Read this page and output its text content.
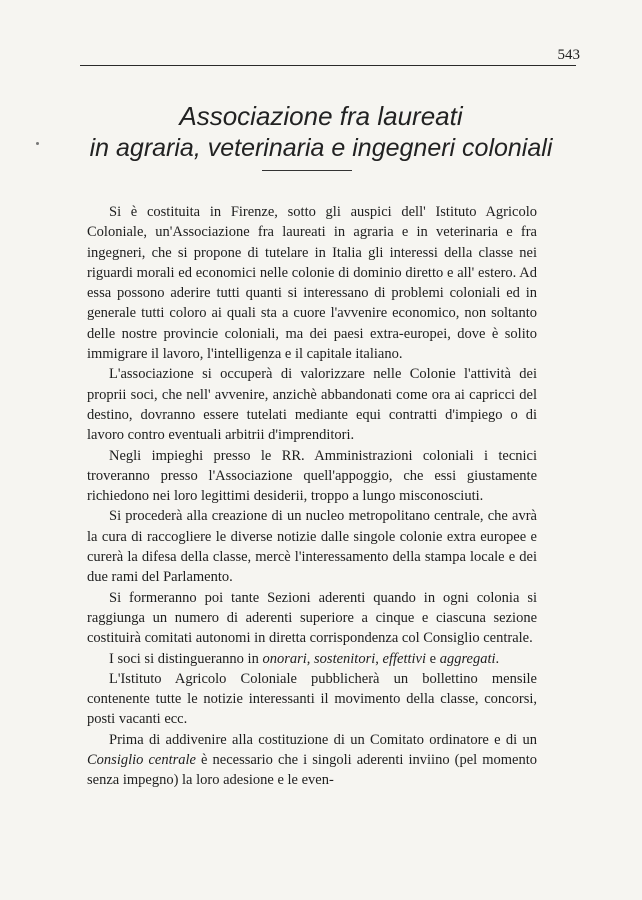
543
Associazione fra laureati
in agraria, veterinaria e ingegneri coloniali

Si è costituita in Firenze, sotto gli auspici dell' Istituto Agricolo Coloniale, un'Associazione fra laureati in agraria e in veterinaria e fra ingegneri, che si propone di tutelare in Italia gli interessi della classe nei riguardi morali ed economici nelle colonie di dominio diretto e all' estero. Ad essa possono aderire tutti quanti si interessano di problemi coloniali ed in generale tutti coloro ai quali sta a cuore l'avvenire economico, non soltanto delle nostre provincie coloniali, ma dei paesi extra-europei, dove è solito immigrare il lavoro, l'intelligenza e il capitale italiano.

L'associazione si occuperà di valorizzare nelle Colonie l'attività dei proprii soci, che nell' avvenire, anzichè abbandonati come ora ai capricci del destino, dovranno essere tutelati mediante equi contratti d'impiego o di lavoro contro eventuali arbitrii d'imprenditori.

Negli impieghi presso le RR. Amministrazioni coloniali i tecnici troveranno presso l'Associazione quell'appoggio, che essi giustamente richiedono nei loro legittimi desiderii, troppo a lungo misconosciuti.

Si procederà alla creazione di un nucleo metropolitano centrale, che avrà la cura di raccogliere le diverse notizie dalle singole colonie extra europee e curerà la difesa della classe, mercè l'interessamento della stampa locale e dei due rami del Parlamento.

Si formeranno poi tante Sezioni aderenti quando in ogni colonia si raggiunga un numero di aderenti superiore a cinque e ciascuna sezione costituirà comitati autonomi in diretta corrispondenza col Consiglio centrale.

I soci si distingueranno in onorari, sostenitori, effettivi e aggregati.

L'Istituto Agricolo Coloniale pubblicherà un bollettino mensile contenente tutte le notizie interessanti il movimento della classe, concorsi, posti vacanti ecc.

Prima di addivenire alla costituzione di un Comitato ordinatore e di un Consiglio centrale è necessario che i singoli aderenti inviino (pel momento senza impegno) la loro adesione e le even-
